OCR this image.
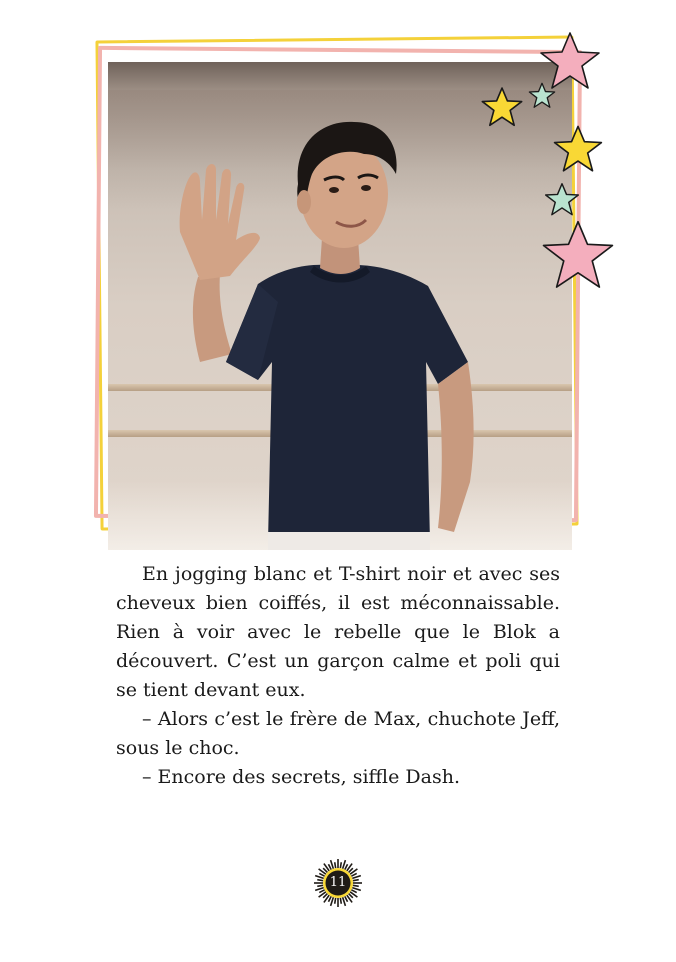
En jogging blanc et T-shirt noir et avec ses cheveux bien coiffés, il est méconnaissable. Rien à voir avec le rebelle que le Blok a découvert. C’est un garçon calme et poli qui se tient devant eux.

– Alors c’est le frère de Max, chuchote Jeff, sous le choc.

– Encore des secrets, siffle Dash.

11
